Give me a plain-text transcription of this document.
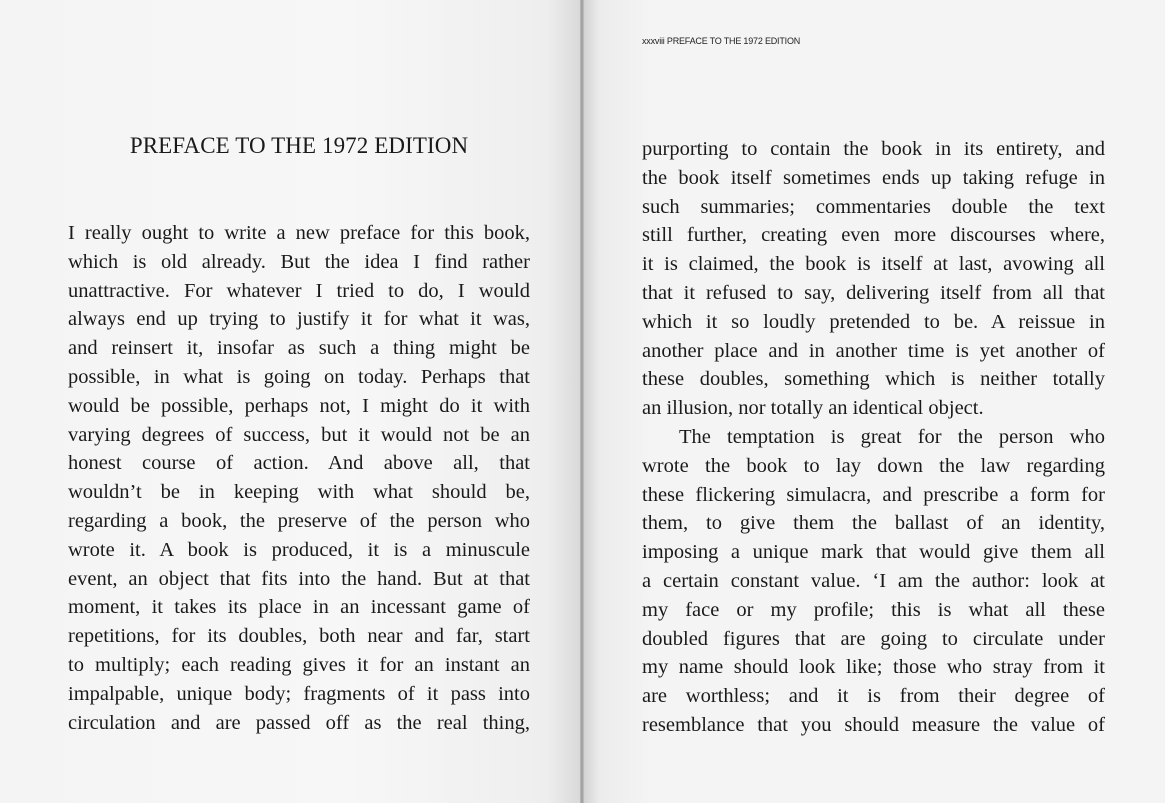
PREFACE TO THE 1972 EDITION
I really ought to write a new preface for this book,
which is old already. But the idea I find rather
unattractive. For whatever I tried to do, I would
always end up trying to justify it for what it was,
and reinsert it, insofar as such a thing might be
possible, in what is going on today. Perhaps that
would be possible, perhaps not, I might do it with
varying degrees of success, but it would not be an
honest course of action. And above all, that
wouldn’t be in keeping with what should be,
regarding a book, the preserve of the person who
wrote it. A book is produced, it is a minuscule
event, an object that fits into the hand. But at that
moment, it takes its place in an incessant game of
repetitions, for its doubles, both near and far, start
to multiply; each reading gives it for an instant an
impalpable, unique body; fragments of it pass into
circulation and are passed off as the real thing,
xxxviii PREFACE TO THE 1972 EDITION
purporting to contain the book in its entirety, and
the book itself sometimes ends up taking refuge in
such summaries; commentaries double the text
still further, creating even more discourses where,
it is claimed, the book is itself at last, avowing all
that it refused to say, delivering itself from all that
which it so loudly pretended to be. A reissue in
another place and in another time is yet another of
these doubles, something which is neither totally
an illusion, nor totally an identical object.
The temptation is great for the person who
wrote the book to lay down the law regarding
these flickering simulacra, and prescribe a form for
them, to give them the ballast of an identity,
imposing a unique mark that would give them all
a certain constant value. ‘I am the author: look at
my face or my profile; this is what all these
doubled figures that are going to circulate under
my name should look like; those who stray from it
are worthless; and it is from their degree of
resemblance that you should measure the value of
